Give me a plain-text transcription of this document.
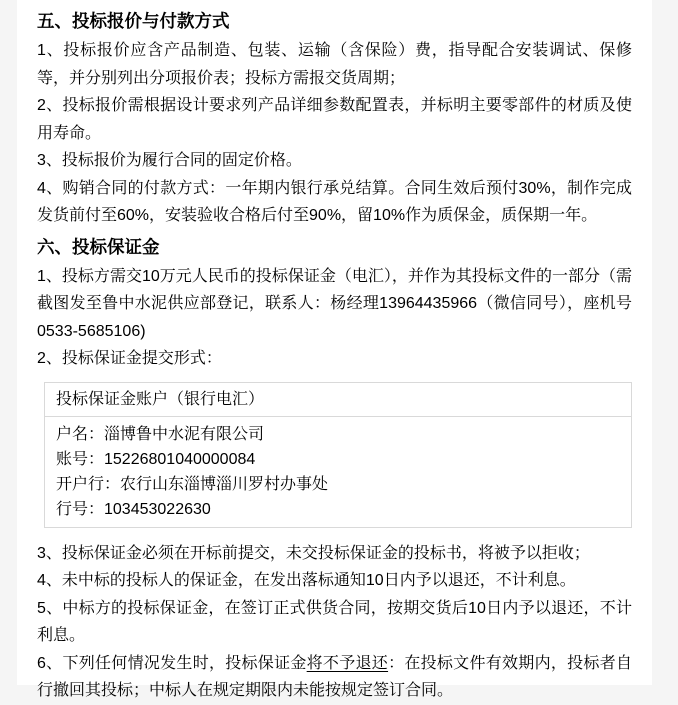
五、投标报价与付款方式

1、投标报价应含产品制造、包装、运输（含保险）费，指导配合安装调试、保修等，并分别列出分项报价表；投标方需报交货周期；

2、投标报价需根据设计要求列产品详细参数配置表，并标明主要零部件的材质及使用寿命。

3、投标报价为履行合同的固定价格。

4、购销合同的付款方式：一年期内银行承兑结算。合同生效后预付30%，制作完成发货前付至60%，安装验收合格后付至90%，留10%作为质保金，质保期一年。

六、投标保证金

1、投标方需交10万元人民币的投标保证金（电汇），并作为其投标文件的一部分（需截图发至鲁中水泥供应部登记，联系人：杨经理13964435966（微信同号），座机号0533-5685106)

2、投标保证金提交形式：

投标保证金账户（银行电汇）

户名：淄博鲁中水泥有限公司
账号：15226801040000084
开户行：农行山东淄博淄川罗村办事处
行号：103453022630

3、投标保证金必须在开标前提交，未交投标保证金的投标书，将被予以拒收；

4、未中标的投标人的保证金，在发出落标通知10日内予以退还，不计利息。

5、中标方的投标保证金，在签订正式供货合同，按期交货后10日内予以退还，不计利息。

6、下列任何情况发生时，投标保证金将不予退还：在投标文件有效期内，投标者自行撤回其投标；中标人在规定期限内未能按规定签订合同。
